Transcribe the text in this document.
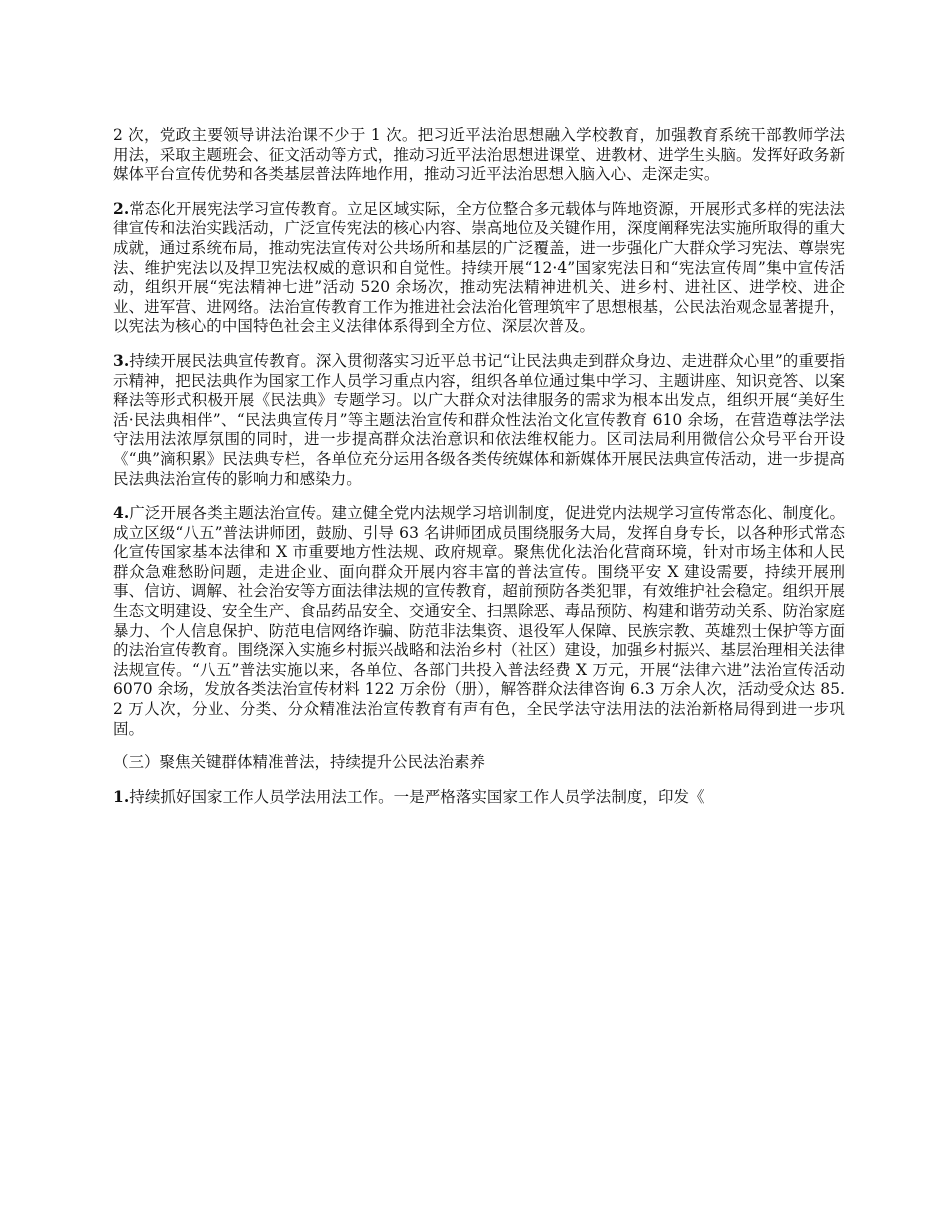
2 次，党政主要领导讲法治课不少于 1 次。把习近平法治思想融入学校教育，加强教育系统干部教师学法用法，采取主题班会、征文活动等方式，推动习近平法治思想进课堂、进教材、进学生头脑。发挥好政务新媒体平台宣传优势和各类基层普法阵地作用，推动习近平法治思想入脑入心、走深走实。

2.常态化开展宪法学习宣传教育。立足区域实际，全方位整合多元载体与阵地资源，开展形式多样的宪法法律宣传和法治实践活动，广泛宣传宪法的核心内容、崇高地位及关键作用，深度阐释宪法实施所取得的重大成就，通过系统布局，推动宪法宣传对公共场所和基层的广泛覆盖，进一步强化广大群众学习宪法、尊崇宪法、维护宪法以及捍卫宪法权威的意识和自觉性。持续开展“12·4”国家宪法日和“宪法宣传周”集中宣传活动，组织开展“宪法精神七进”活动 520 余场次，推动宪法精神进机关、进乡村、进社区、进学校、进企业、进军营、进网络。法治宣传教育工作为推进社会法治化管理筑牢了思想根基，公民法治观念显著提升，以宪法为核心的中国特色社会主义法律体系得到全方位、深层次普及。

3.持续开展民法典宣传教育。深入贯彻落实习近平总书记“让民法典走到群众身边、走进群众心里”的重要指示精神，把民法典作为国家工作人员学习重点内容，组织各单位通过集中学习、主题讲座、知识竞答、以案释法等形式积极开展《民法典》专题学习。以广大群众对法律服务的需求为根本出发点，组织开展“美好生活·民法典相伴”、“民法典宣传月”等主题法治宣传和群众性法治文化宣传教育 610 余场，在营造尊法学法守法用法浓厚氛围的同时，进一步提高群众法治意识和依法维权能力。区司法局利用微信公众号平台开设《“典”滴积累》民法典专栏，各单位充分运用各级各类传统媒体和新媒体开展民法典宣传活动，进一步提高民法典法治宣传的影响力和感染力。

4.广泛开展各类主题法治宣传。建立健全党内法规学习培训制度，促进党内法规学习宣传常态化、制度化。成立区级“八五”普法讲师团，鼓励、引导 63 名讲师团成员围绕服务大局，发挥自身专长，以各种形式常态化宣传国家基本法律和 X 市重要地方性法规、政府规章。聚焦优化法治化营商环境，针对市场主体和人民群众急难愁盼问题，走进企业、面向群众开展内容丰富的普法宣传。围绕平安 X 建设需要，持续开展刑事、信访、调解、社会治安等方面法律法规的宣传教育，超前预防各类犯罪，有效维护社会稳定。组织开展生态文明建设、安全生产、食品药品安全、交通安全、扫黑除恶、毒品预防、构建和谐劳动关系、防治家庭暴力、个人信息保护、防范电信网络诈骗、防范非法集资、退役军人保障、民族宗教、英雄烈士保护等方面的法治宣传教育。围绕深入实施乡村振兴战略和法治乡村（社区）建设，加强乡村振兴、基层治理相关法律法规宣传。“八五”普法实施以来，各单位、各部门共投入普法经费 X 万元，开展“法律六进”法治宣传活动 6070 余场，发放各类法治宣传材料 122 万余份（册），解答群众法律咨询 6.3 万余人次，活动受众达 85.2 万人次，分业、分类、分众精准法治宣传教育有声有色，全民学法守法用法的法治新格局得到进一步巩固。

（三）聚焦关键群体精准普法，持续提升公民法治素养

1.持续抓好国家工作人员学法用法工作。一是严格落实国家工作人员学法制度，印发《
